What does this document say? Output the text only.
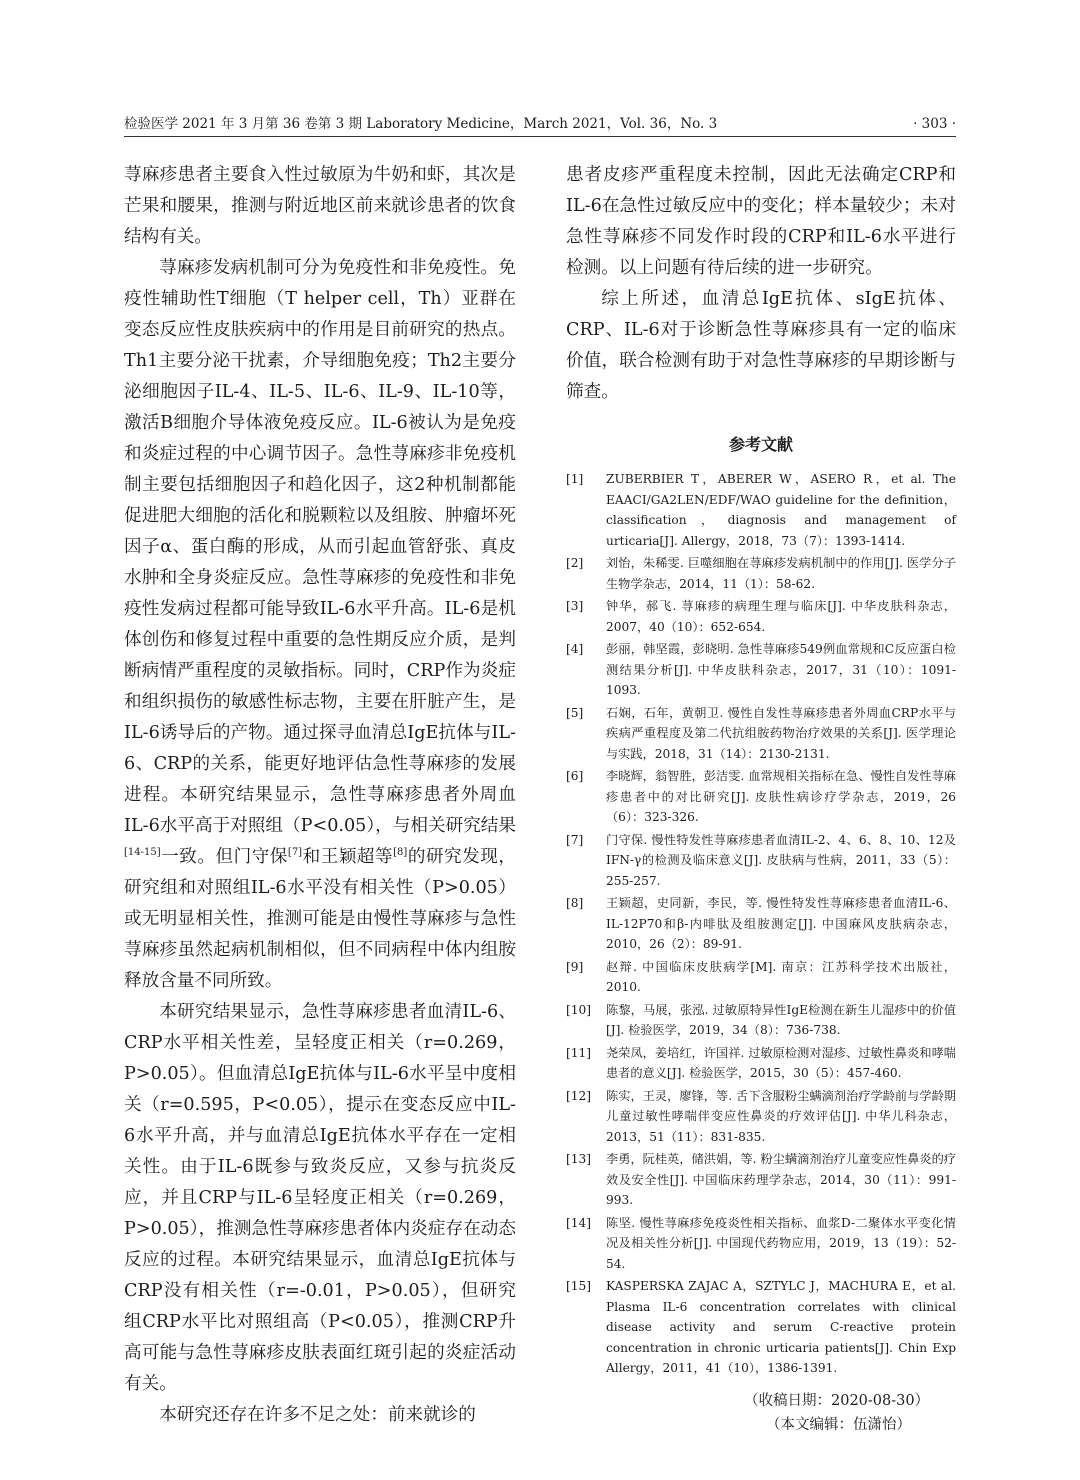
检验医学 2021 年 3 月第 36 卷第 3 期 Laboratory Medicine，March 2021，Vol. 36，No. 3	· 303 ·

荨麻疹患者主要食入性过敏原为牛奶和虾，其次是芒果和腰果，推测与附近地区前来就诊患者的饮食结构有关。

荨麻疹发病机制可分为免疫性和非免疫性。免疫性辅助性T细胞（T helper cell，Th）亚群在变态反应性皮肤疾病中的作用是目前研究的热点。Th1主要分泌干扰素，介导细胞免疫；Th2主要分泌细胞因子IL-4、IL-5、IL-6、IL-9、IL-10等，激活B细胞介导体液免疫反应。IL-6被认为是免疫和炎症过程的中心调节因子。急性荨麻疹非免疫机制主要包括细胞因子和趋化因子，这2种机制都能促进肥大细胞的活化和脱颗粒以及组胺、肿瘤坏死因子α、蛋白酶的形成，从而引起血管舒张、真皮水肿和全身炎症反应。急性荨麻疹的免疫性和非免疫性发病过程都可能导致IL-6水平升高。IL-6是机体创伤和修复过程中重要的急性期反应介质，是判断病情严重程度的灵敏指标。同时，CRP作为炎症和组织损伤的敏感性标志物，主要在肝脏产生，是IL-6诱导后的产物。通过探寻血清总IgE抗体与IL-6、CRP的关系，能更好地评估急性荨麻疹的发展进程。本研究结果显示，急性荨麻疹患者外周血IL-6水平高于对照组（P<0.05），与相关研究结果[14-15]一致。但门守保[7]和王颖超等[8]的研究发现，研究组和对照组IL-6水平没有相关性（P>0.05）或无明显相关性，推测可能是由慢性荨麻疹与急性荨麻疹虽然起病机制相似，但不同病程中体内组胺释放含量不同所致。

本研究结果显示，急性荨麻疹患者血清IL-6、CRP水平相关性差，呈轻度正相关（r=0.269，P>0.05）。但血清总IgE抗体与IL-6水平呈中度相关（r=0.595，P<0.05），提示在变态反应中IL-6水平升高，并与血清总IgE抗体水平存在一定相关性。由于IL-6既参与致炎反应，又参与抗炎反应，并且CRP与IL-6呈轻度正相关（r=0.269，P>0.05），推测急性荨麻疹患者体内炎症存在动态反应的过程。本研究结果显示，血清总IgE抗体与CRP没有相关性（r=-0.01，P>0.05），但研究组CRP水平比对照组高（P<0.05），推测CRP升高可能与急性荨麻疹皮肤表面红斑引起的炎症活动有关。

本研究还存在许多不足之处：前来就诊的

患者皮疹严重程度未控制，因此无法确定CRP和IL-6在急性过敏反应中的变化；样本量较少；未对急性荨麻疹不同发作时段的CRP和IL-6水平进行检测。以上问题有待后续的进一步研究。

综上所述，血清总IgE抗体、sIgE抗体、CRP、IL-6对于诊断急性荨麻疹具有一定的临床价值，联合检测有助于对急性荨麻疹的早期诊断与筛查。

参考文献
[1]	ZUBERBIER T，ABERER W，ASERO R，et al. The EAACI/GA2LEN/EDF/WAO guideline for the definition，classification，diagnosis and management of urticaria[J]. Allergy，2018，73（7）：1393-1414.
[2]	刘怡，朱稀雯. 巨噬细胞在荨麻疹发病机制中的作用[J]. 医学分子生物学杂志，2014，11（1）：58-62.
[3]	钟华，郝飞. 荨麻疹的病理生理与临床[J]. 中华皮肤科杂志，2007，40（10）：652-654.
[4]	彭丽，韩坚霞，彭晓明. 急性荨麻疹549例血常规和C反应蛋白检测结果分析[J]. 中华皮肤科杂志，2017，31（10）：1091-1093.
[5]	石娴，石年，黄朝卫. 慢性自发性荨麻疹患者外周血CRP水平与疾病严重程度及第二代抗组胺药物治疗效果的关系[J]. 医学理论与实践，2018，31（14）：2130-2131.
[6]	李晓辉，翁智胜，彭洁雯. 血常规相关指标在急、慢性自发性荨麻疹患者中的对比研究[J]. 皮肤性病诊疗学杂志，2019，26（6）：323-326.
[7]	门守保. 慢性特发性荨麻疹患者血清IL-2、4、6、8、10、12及IFN-γ的检测及临床意义[J]. 皮肤病与性病，2011，33（5）：255-257.
[8]	王颖超，史同新，李民，等. 慢性特发性荨麻疹患者血清IL-6、IL-12P70和β-内啡肽及组胺测定[J]. 中国麻风皮肤病杂志，2010，26（2）：89-91.
[9]	赵辩. 中国临床皮肤病学[M]. 南京：江苏科学技术出版社，2010.
[10]	陈黎，马展，张泓. 过敏原特异性IgE检测在新生儿湿疹中的价值[J]. 检验医学，2019，34（8）：736-738.
[11]	尧荣凤，姜培红，许国祥. 过敏原检测对湿疹、过敏性鼻炎和哮喘患者的意义[J]. 检验医学，2015，30（5）：457-460.
[12]	陈实，王灵，廖锋，等. 舌下含服粉尘螨滴剂治疗学龄前与学龄期儿童过敏性哮喘伴变应性鼻炎的疗效评估[J]. 中华儿科杂志，2013，51（11）：831-835.
[13]	李勇，阮桂英，储洪娟，等. 粉尘螨滴剂治疗儿童变应性鼻炎的疗效及安全性[J]. 中国临床药理学杂志，2014，30（11）：991-993.
[14]	陈坚. 慢性荨麻疹免疫炎性相关指标、血浆D-二聚体水平变化情况及相关性分析[J]. 中国现代药物应用，2019，13（19）：52-54.
[15]	KASPERSKA ZAJAC A，SZTYLC J，MACHURA E，et al. Plasma IL-6 concentration correlates with clinical disease activity and serum C-reactive protein concentration in chronic urticaria patients[J]. Chin Exp Allergy，2011，41（10），1386-1391.
（收稿日期：2020-08-30）
（本文编辑：伍潇怡）
